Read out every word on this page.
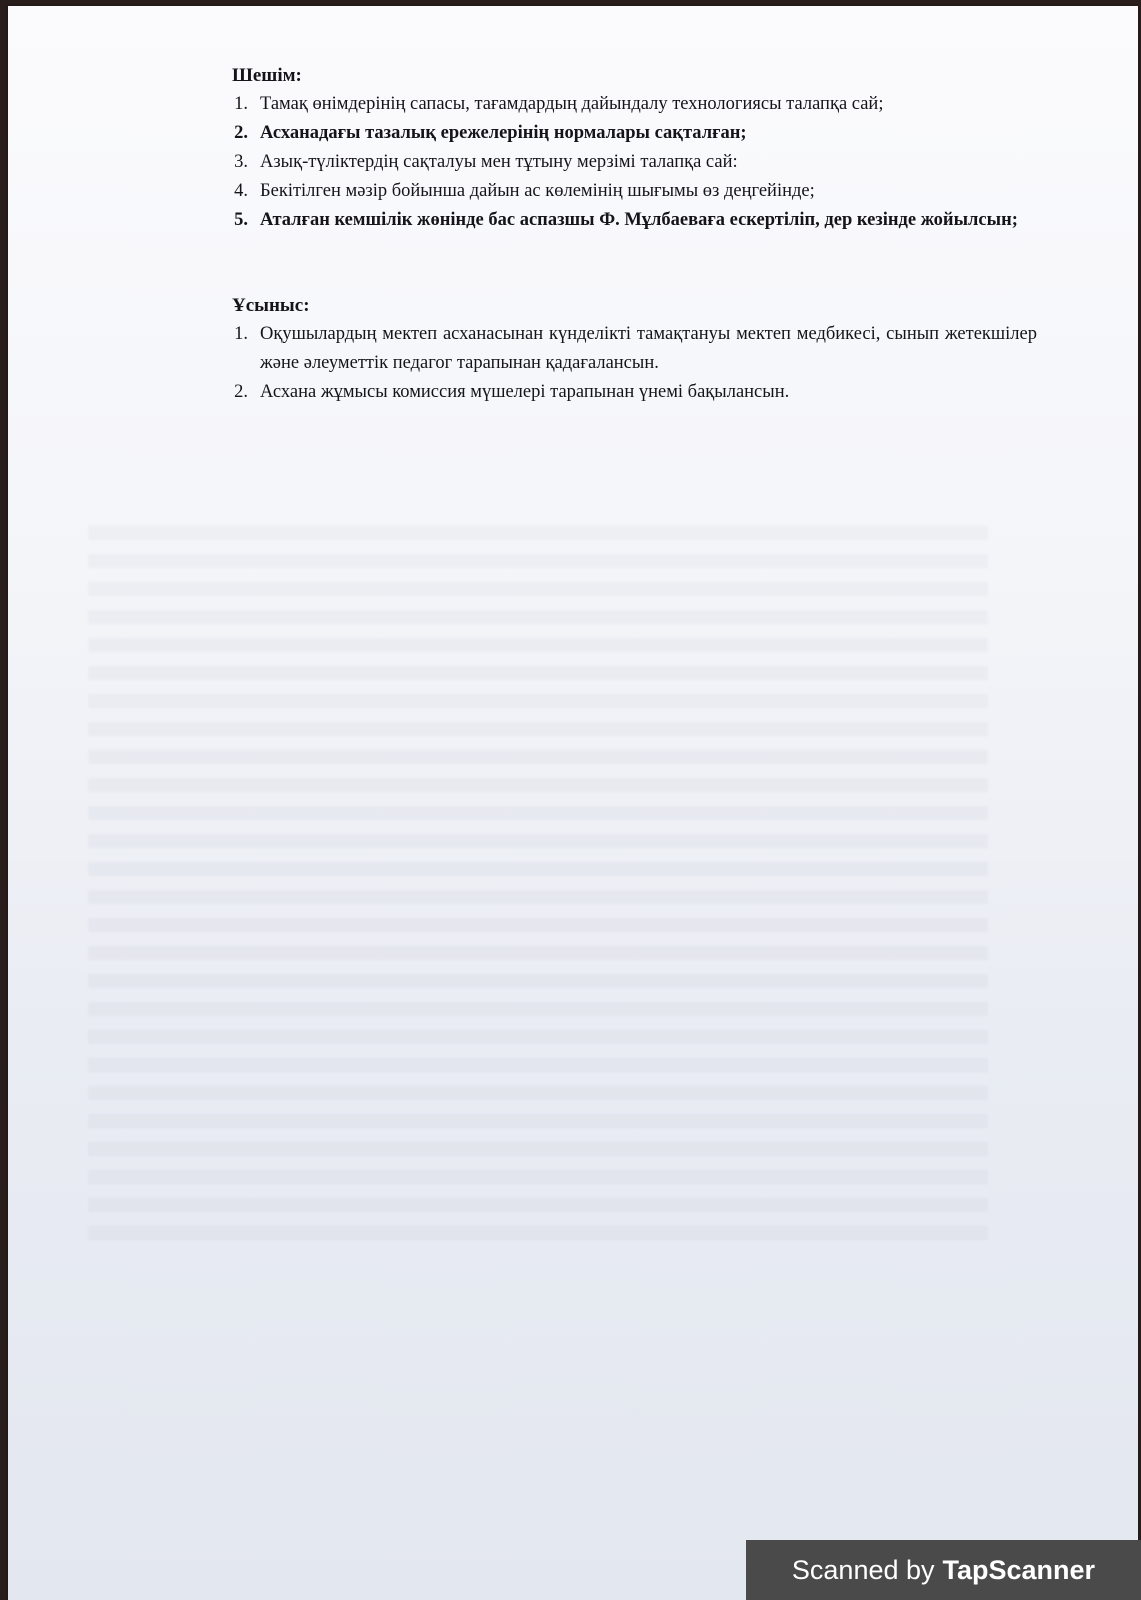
Шешім:
1. Тамақ өнімдерінің сапасы, тағамдардың дайындалу технологиясы талапқа сай;
2. Асханадағы тазалық ережелерінің нормалары сақталған;
3. Азық-түліктердің сақталуы мен тұтыну мерзімі талапқа сай:
4. Бекітілген мәзір бойынша дайын ас көлемінің шығымы өз деңгейінде;
5. Аталған кемшілік жөнінде бас аспазшы Ф. Мұлбаеваға ескертіліп, дер кезінде жойылсын;
Ұсыныс:
1. Оқушылардың мектеп асханасынан күнделікті тамақтануы мектеп медбикесі, сынып жетекшілер және әлеуметтік педагог тарапынан қадағалансын.
2. Асхана жұмысы комиссия мүшелері тарапынан үнемі бақылансын.
Scanned by TapScanner
